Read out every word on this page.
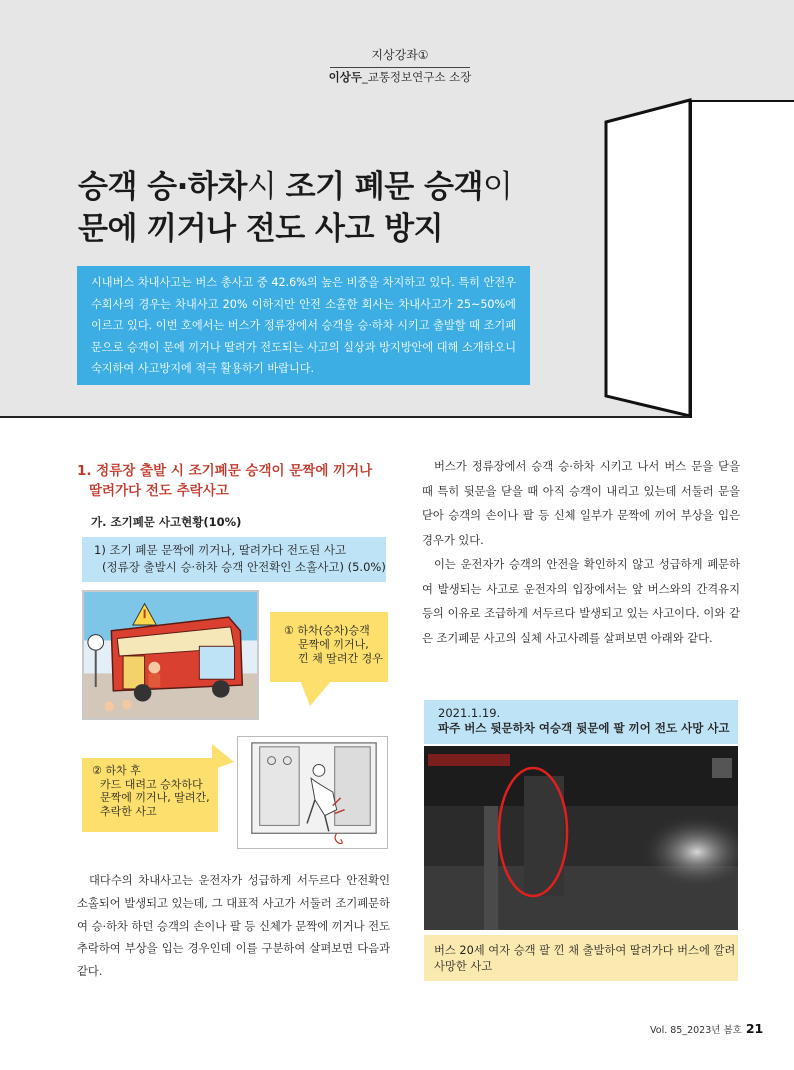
지상강좌①
이상두_교통정보연구소 소장
승객 승·하차시 조기 폐문 승객이
문에 끼거나 전도 사고 방지
시내버스 차내사고는 버스 총사고 중 42.6%의 높은 비중을 차지하고 있다. 특히 안전우수회사의 경우는 차내사고 20% 이하지만 안전 소홀한 회사는 차내사고가 25~50%에 이르고 있다. 이번 호에서는 버스가 정류장에서 승객을 승·하차 시키고 출발할 때 조기폐문으로 승객이 문에 끼거나 딸려가 전도되는 사고의 실상과 방지방안에 대해 소개하오니 숙지하여 사고방지에 적극 활용하기 바랍니다.
1. 정류장 출발 시 조기폐문 승객이 문짝에 끼거나
딸려가다 전도 추락사고
가. 조기폐문 사고현황(10%)
1) 조기 폐문 문짝에 끼거나, 딸려가다 전도된 사고
(정류장 출발시 승·하차 승객 안전확인 소홀사고) (5.0%)
① 하차(승차)승객
문짝에 끼거나,
낀 채 딸려간 경우
② 하차 후
카드 대려고 승차하다
문짝에 끼거나, 딸려간,
추락한 사고

대다수의 차내사고는 운전자가 성급하게 서두르다 안전확인 소홀되어 발생되고 있는데, 그 대표적 사고가 서둘러 조기폐문하여 승·하차 하던 승객의 손이나 팔 등 신체가 문짝에 끼거나 전도 추락하여 부상을 입는 경우인데 이를 구분하여 살펴보면 다음과 같다.

버스가 정류장에서 승객 승·하차 시키고 나서 버스 문을 닫을 때 특히 뒷문을 닫을 때 아직 승객이 내리고 있는데 서둘러 문을 닫아 승객의 손이나 팔 등 신체 일부가 문짝에 끼어 부상을 입은 경우가 있다.

이는 운전자가 승객의 안전을 확인하지 않고 성급하게 폐문하여 발생되는 사고로 운전자의 입장에서는 앞 버스와의 간격유지 등의 이유로 조급하게 서두르다 발생되고 있는 사고이다. 이와 같은 조기폐문 사고의 실체 사고사례를 살펴보면 아래와 같다.

2021.1.19.
파주 버스 뒷문하차 여승객 뒷문에 팔 끼어 전도 사망 사고
버스 20세 여자 승객 팔 낀 채 출발하여 딸려가다 버스에 깔려
사망한 사고
Vol. 85_2023년 봄호 21
